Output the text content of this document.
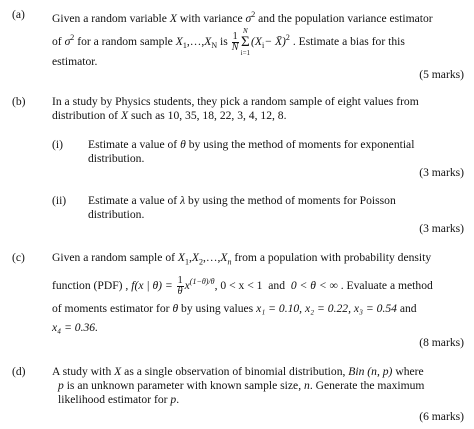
(a) Given a random variable X with variance $\sigma^2$ and the population variance estimator
of $\sigma^2$ for a random sample $X_1,\dots,X_N$ is $\frac{1}{N}$
N
Σ
i=1
($X_i-$ X̄)$^2$ . Estimate a bias for this
estimator.
(5 marks)
(b) In a study by Physics students, they pick a random sample of eight values from
distribution of X such as 10, 35, 18, 22, 3, 4, 12, 8.
(i) Estimate a value of θ by using the method of moments for exponential
distribution.
(3 marks)
(ii) Estimate a value of λ by using the method of moments for Poisson
distribution.
(3 marks)
(c) Given a random sample of $X_1,X_2,\dots,X_n$ from a population with probability density
function (PDF) , f(x | $\theta) = \frac{1}{\theta} x^{(1-\theta)/\theta}$, 0 < x < 1 and 0 < θ < ∞ . Evaluate a method
of moments estimator for θ by using values x₁ = 0.10, x₂ = 0.22, x₃ = 0.54 and
x₄ = 0.36.
(8 marks)
(d) A study with X as a single observation of binomial distribution, Bin (n, p) where
p is an unknown parameter with known sample size, n. Generate the maximum
likelihood estimator for p.
(6 marks)
